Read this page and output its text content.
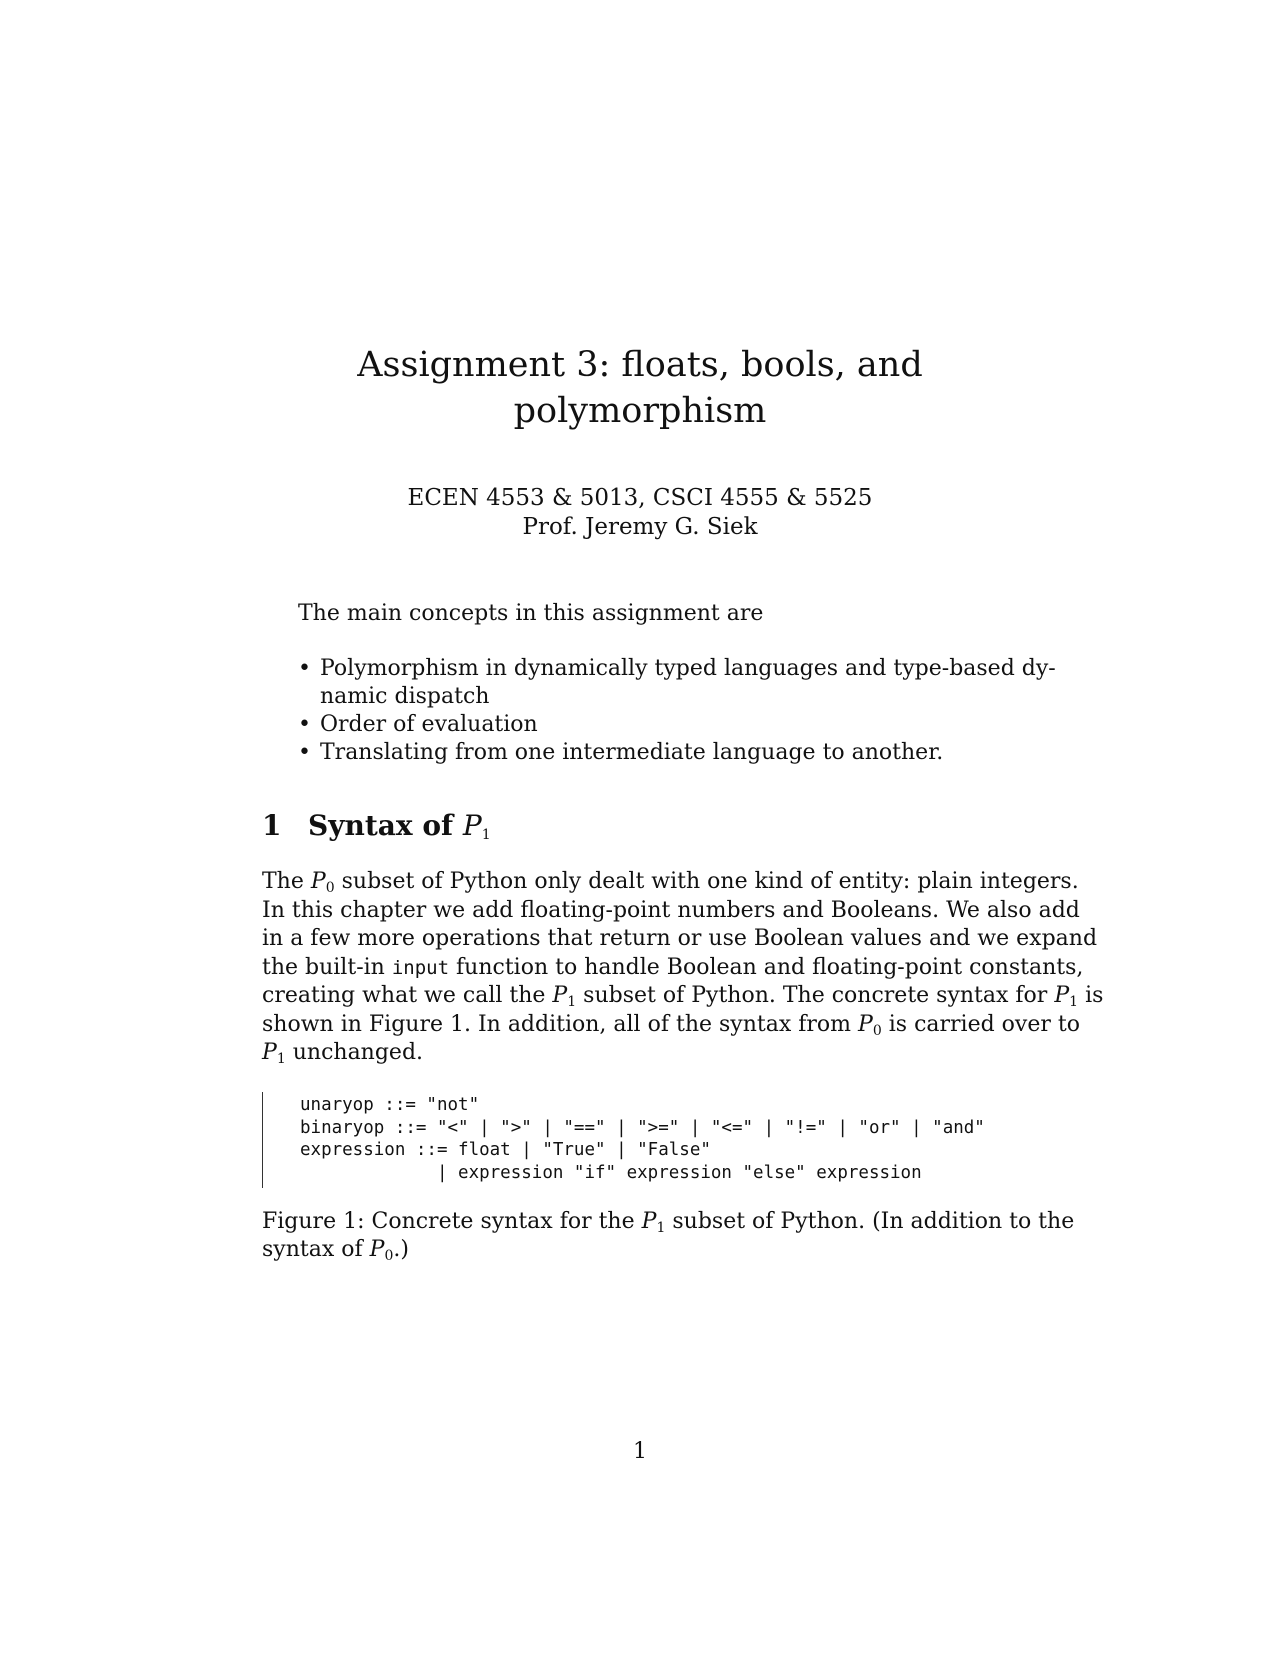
Assignment 3: floats, bools, and
polymorphism
ECEN 4553 & 5013, CSCI 4555 & 5525
Prof. Jeremy G. Siek
The main concepts in this assignment are
• Polymorphism in dynamically typed languages and type-based dy-
namic dispatch
• Order of evaluation
• Translating from one intermediate language to another.
1 Syntax of $P_1$
The $P_0$ subset of Python only dealt with one kind of entity: plain integers.
In this chapter we add floating-point numbers and Booleans. We also add
in a few more operations that return or use Boolean values and we expand
the built-in input function to handle Boolean and floating-point constants,
creating what we call the $P_1$ subset of Python. The concrete syntax for $P_1$ is
shown in Figure 1. In addition, all of the syntax from $P_0$ is carried over to
$P_1$ unchanged.
unaryop ::= "not"
binaryop ::= "<" | ">" | "==" | ">=" | "<=" | "!=" | "or" | "and"
expression ::= float | "True" | "False"
| expression "if" expression "else" expression
Figure 1: Concrete syntax for the $P_1$ subset of Python. (In addition to the
syntax of $P_0$.)
1
